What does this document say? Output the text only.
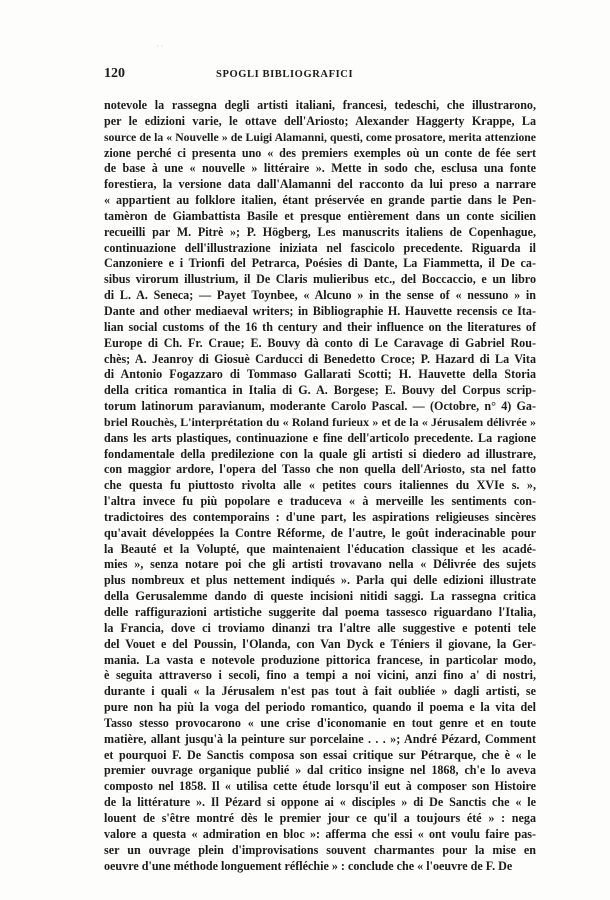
· ·
120	SPOGLI BIBLIOGRAFICI
notevole la rassegna degli artisti italiani, francesi, tedeschi, che illustrarono,
per le edizioni varie, le ottave dell'Ariosto; Alexander Haggerty Krappe, La
source de la « Nouvelle » de Luigi Alamanni, questi, come prosatore, merita attenzione
zione perché ci presenta uno « des premiers exemples où un conte de fée sert
de base à une « nouvelle » littéraire ». Mette in sodo che, esclusa una fonte
forestiera, la versione data dall'Alamanni del racconto da lui preso a narrare
« appartient au folklore italien, étant préservée en grande partie dans le Pen-
tamèron de Giambattista Basile et presque entièrement dans un conte sicilien
recueilli par M. Pitrè »; P. Högberg, Les manuscrits italiens de Copenhague,
continuazione dell'illustrazione iniziata nel fascicolo precedente. Riguarda il
Canzoniere e i Trionfi del Petrarca, Poésies di Dante, La Fiammetta, il De ca-
sibus virorum illustrium, il De Claris mulieribus etc., del Boccaccio, e un libro
di L. A. Seneca; — Payet Toynbee, « Alcuno » in the sense of « nessuno » in
Dante and other mediaeval writers; in Bibliographie H. Hauvette recensis ce Ita-
lian social customs of the 16 th century and their influence on the literatures of
Europe di Ch. Fr. Craue; E. Bouvy dà conto di Le Caravage di Gabriel Rou-
chès; A. Jeanroy di Giosuè Carducci di Benedetto Croce; P. Hazard di La Vita
di Antonio Fogazzaro di Tommaso Gallarati Scotti; H. Hauvette della Storia
della critica romantica in Italia di G. A. Borgese; E. Bouvy del Corpus scrip-
torum latinorum paravianum, moderante Carolo Pascal. — (Octobre, n° 4) Ga-
briel Rouchès, L'interprétation du « Roland furieux » et de la « Jérusalem délivrée »
dans les arts plastiques, continuazione e fine dell'articolo precedente. La ragione
fondamentale della predilezione con la quale gli artisti si diedero ad illustrare,
con maggior ardore, l'opera del Tasso che non quella dell'Ariosto, sta nel fatto
che questa fu piuttosto rivolta alle « petites cours italiennes du XVIe s. »,
l'altra invece fu più popolare e traduceva « à merveille les sentiments con-
tradictoires des contemporains : d'une part, les aspirations religieuses sincères
qu'avait développées la Contre Réforme, de l'autre, le goût inderacinable pour
la Beauté et la Volupté, que maintenaient l'éducation classique et les acadé-
mies », senza notare poi che gli artisti trovavano nella « Délivrée des sujets
plus nombreux et plus nettement indiqués ». Parla qui delle edizioni illustrate
della Gerusalemme dando di queste incisioni nitidi saggi. La rassegna critica
delle raffigurazioni artistiche suggerite dal poema tassesco riguardano l'Italia,
la Francia, dove ci troviamo dinanzi tra l'altre alle suggestive e potenti tele
del Vouet e del Poussin, l'Olanda, con Van Dyck e Téniers il giovane, la Ger-
mania. La vasta e notevole produzione pittorica francese, in particolar modo,
è seguita attraverso i secoli, fino a tempi a noi vicini, anzi fino a' di nostri,
durante i quali « la Jérusalem n'est pas tout à fait oubliée » dagli artisti, se
pure non ha più la voga del periodo romantico, quando il poema e la vita del
Tasso stesso provocarono « une crise d'iconomanie en tout genre et en toute
matière, allant jusqu'à la peinture sur porcelaine . . . »; André Pézard, Comment
et pourquoi F. De Sanctis composa son essai critique sur Pétrarque, che è « le
premier ouvrage organique publié » dal critico insigne nel 1868, ch'e lo aveva
composto nel 1858. Il « utilisa cette étude lorsqu'il eut à composer son Histoire
de la littérature ». Il Pézard si oppone ai « disciples » di De Sanctis che « le
louent de s'être montré dès le premier jour ce qu'il a toujours été » : nega
valore a questa « admiration en bloc »: afferma che essi « ont voulu faire pas-
ser un ouvrage plein d'improvisations souvent charmantes pour la mise en
oeuvre d'une méthode longuement réfléchie » : conclude che « l'oeuvre de F. De
